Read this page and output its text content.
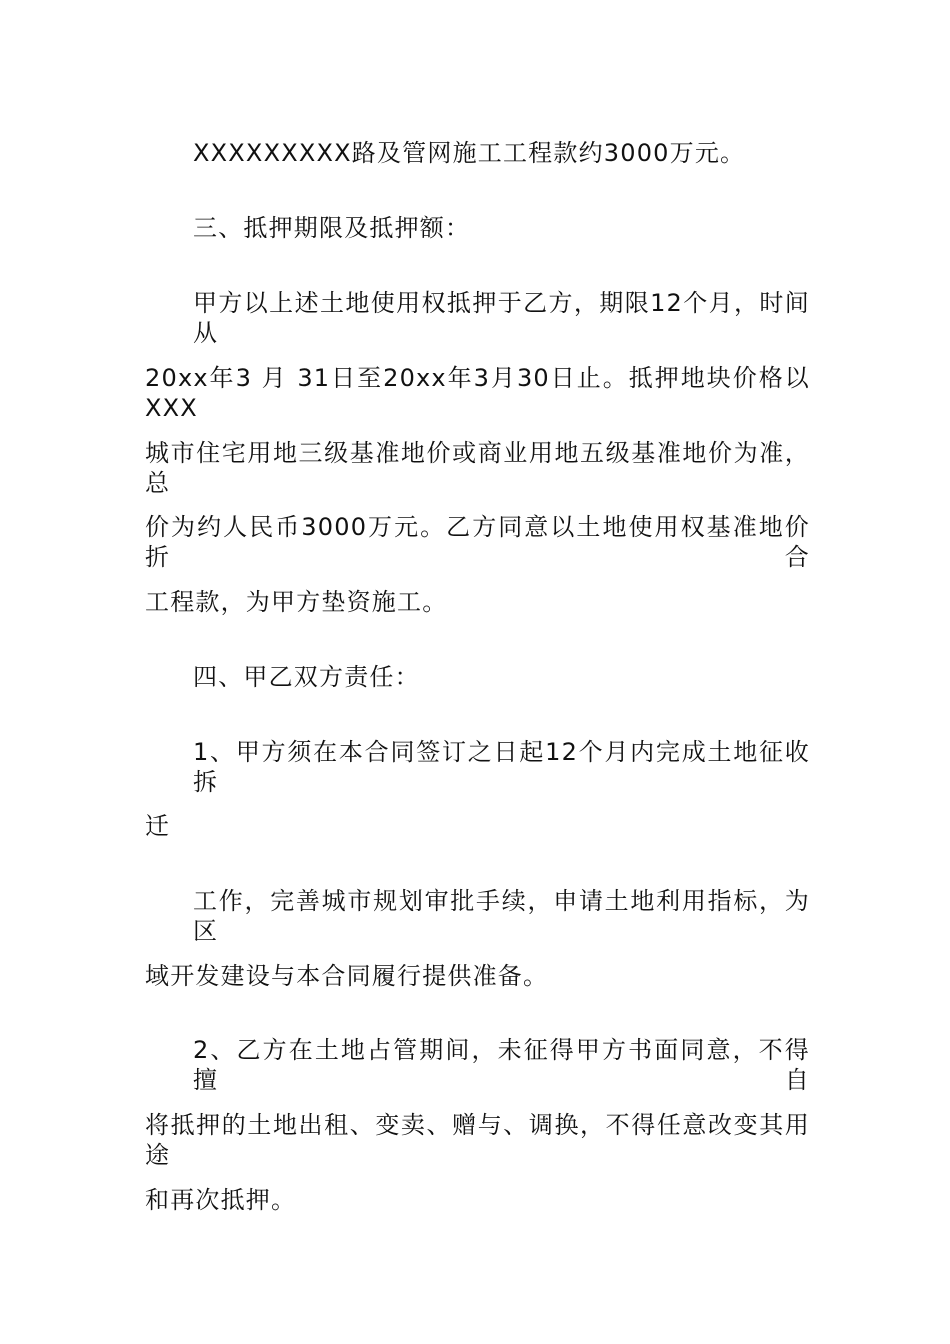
XXXXXXXXX路及管网施工工程款约3000万元。
三、抵押期限及抵押额：
甲方以上述土地使用权抵押于乙方，期限12个月，时间从
20xx年3 月 31日至20xx年3月30日止。抵押地块价格以XXX
城市住宅用地三级基准地价或商业用地五级基准地价为准，总
价为约人民币3000万元。乙方同意以土地使用权基准地价折合
工程款，为甲方垫资施工。
四、甲乙双方责任：
1、甲方须在本合同签订之日起12个月内完成土地征收拆
迁
工作，完善城市规划审批手续，申请土地利用指标，为区
域开发建设与本合同履行提供准备。
2、乙方在土地占管期间，未征得甲方书面同意，不得擅自
将抵押的土地出租、变卖、赠与、调换，不得任意改变其用途
和再次抵押。
